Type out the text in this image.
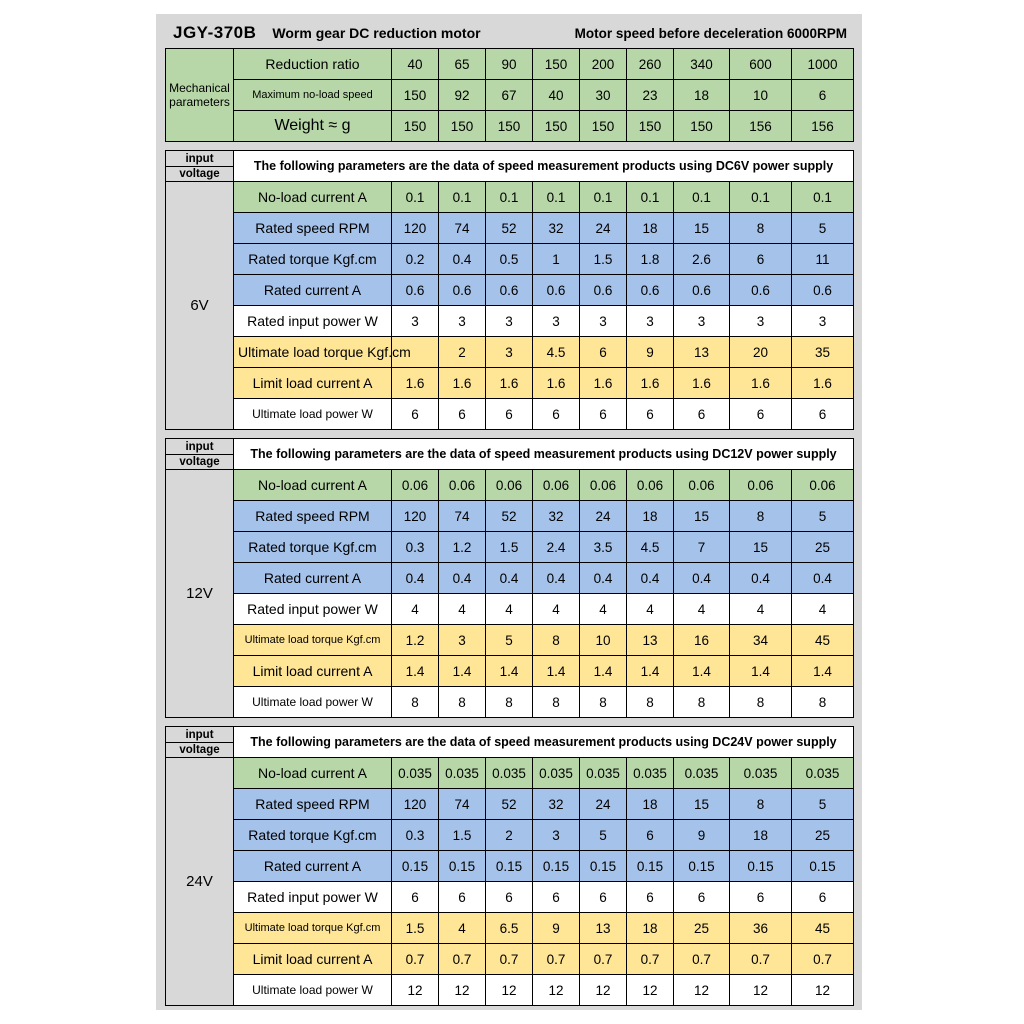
JGY-370B Worm gear DC reduction motor	Motor speed before deceleration 6000RPM
Mechanical parameters	Reduction ratio	40	65	90	150	200	260	340	600	1000
	Maximum no-load speed	150	92	67	40	30	23	18	10	6
	Weight ≈ g	150	150	150	150	150	150	150	156	156
input
voltage	The following parameters are the data of speed measurement products using DC6V power supply									
6V	No-load current A	0.1	0.1	0.1	0.1	0.1	0.1	0.1	0.1	0.1
	Rated speed RPM	120	74	52	32	24	18	15	8	5
	Rated torque Kgf.cm	0.2	0.4	0.5	1	1.5	1.8	2.6	6	11
	Rated current A	0.6	0.6	0.6	0.6	0.6	0.6	0.6	0.6	0.6
	Rated input power W	3	3	3	3	3	3	3	3	3
	Ultimate load torque Kgf.cm		2	3	4.5	6	9	13	20	35
	Limit load current A	1.6	1.6	1.6	1.6	1.6	1.6	1.6	1.6	1.6
	Ultimate load power W	6	6	6	6	6	6	6	6	6
input
voltage	The following parameters are the data of speed measurement products using DC12V power supply									
12V	No-load current A	0.06	0.06	0.06	0.06	0.06	0.06	0.06	0.06	0.06
	Rated speed RPM	120	74	52	32	24	18	15	8	5
	Rated torque Kgf.cm	0.3	1.2	1.5	2.4	3.5	4.5	7	15	25
	Rated current A	0.4	0.4	0.4	0.4	0.4	0.4	0.4	0.4	0.4
	Rated input power W	4	4	4	4	4	4	4	4	4
	Ultimate load torque Kgf.cm	1.2	3	5	8	10	13	16	34	45
	Limit load current A	1.4	1.4	1.4	1.4	1.4	1.4	1.4	1.4	1.4
	Ultimate load power W	8	8	8	8	8	8	8	8	8
input
voltage	The following parameters are the data of speed measurement products using DC24V power supply									
24V	No-load current A	0.035	0.035	0.035	0.035	0.035	0.035	0.035	0.035	0.035
	Rated speed RPM	120	74	52	32	24	18	15	8	5
	Rated torque Kgf.cm	0.3	1.5	2	3	5	6	9	18	25
	Rated current A	0.15	0.15	0.15	0.15	0.15	0.15	0.15	0.15	0.15
	Rated input power W	6	6	6	6	6	6	6	6	6
	Ultimate load torque Kgf.cm	1.5	4	6.5	9	13	18	25	36	45
	Limit load current A	0.7	0.7	0.7	0.7	0.7	0.7	0.7	0.7	0.7
	Ultimate load power W	12	12	12	12	12	12	12	12	12
